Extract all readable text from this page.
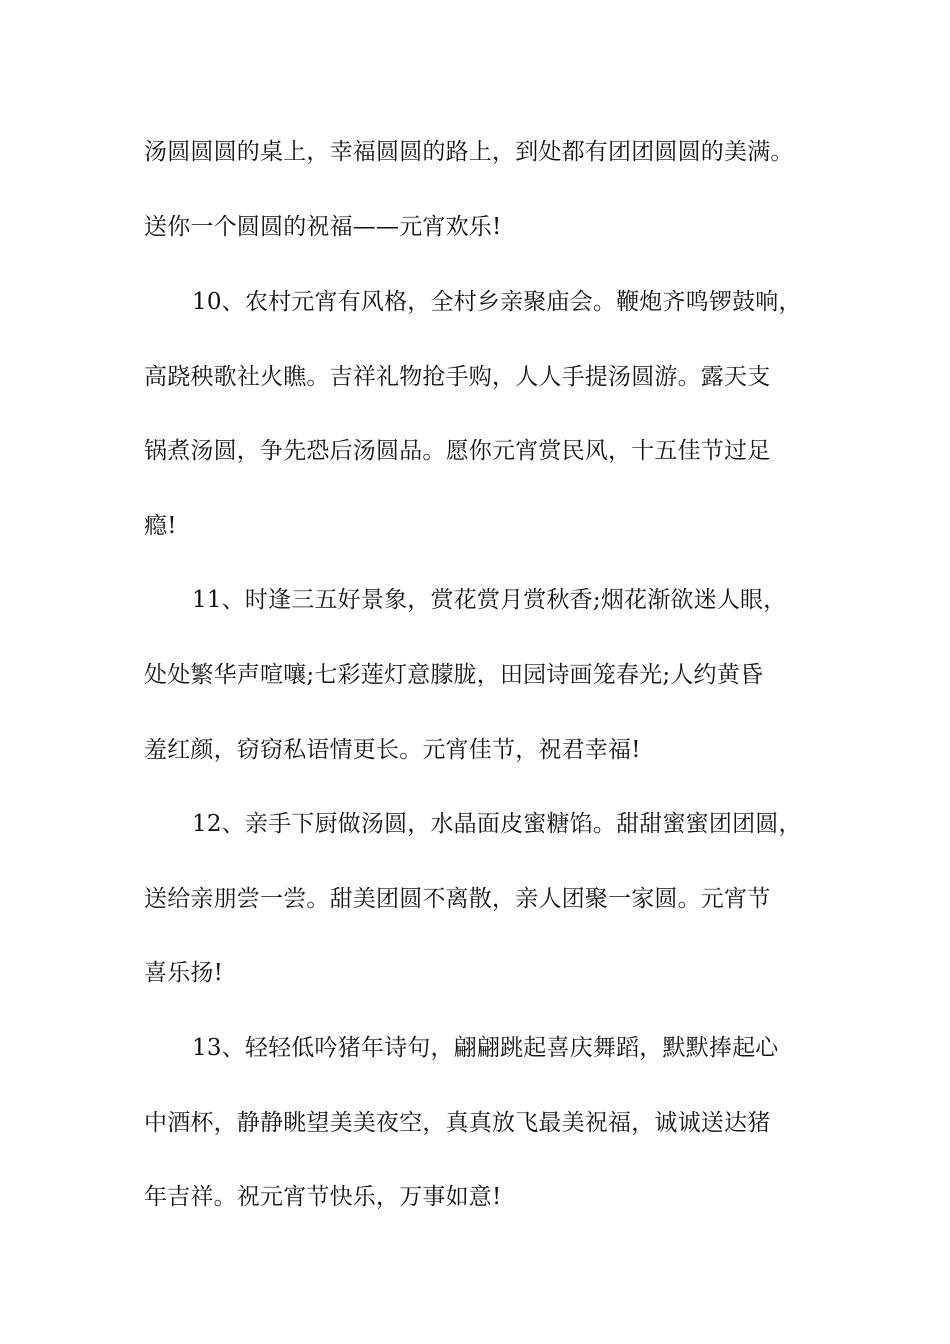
汤圆圆圆的桌上，幸福圆圆的路上，到处都有团团圆圆的美满。
送你一个圆圆的祝福——元宵欢乐!
10、农村元宵有风格，全村乡亲聚庙会。鞭炮齐鸣锣鼓响，
高跷秧歌社火瞧。吉祥礼物抢手购，人人手提汤圆游。露天支
锅煮汤圆，争先恐后汤圆品。愿你元宵赏民风，十五佳节过足
瘾!
11、时逢三五好景象，赏花赏月赏秋香;烟花渐欲迷人眼，
处处繁华声喧嚷;七彩莲灯意朦胧，田园诗画笼春光;人约黄昏
羞红颜，窃窃私语情更长。元宵佳节，祝君幸福!
12、亲手下厨做汤圆，水晶面皮蜜糖馅。甜甜蜜蜜团团圆，
送给亲朋尝一尝。甜美团圆不离散，亲人团聚一家圆。元宵节
喜乐扬!
13、轻轻低吟猪年诗句，翩翩跳起喜庆舞蹈，默默捧起心
中酒杯，静静眺望美美夜空，真真放飞最美祝福，诚诚送达猪
年吉祥。祝元宵节快乐，万事如意!
